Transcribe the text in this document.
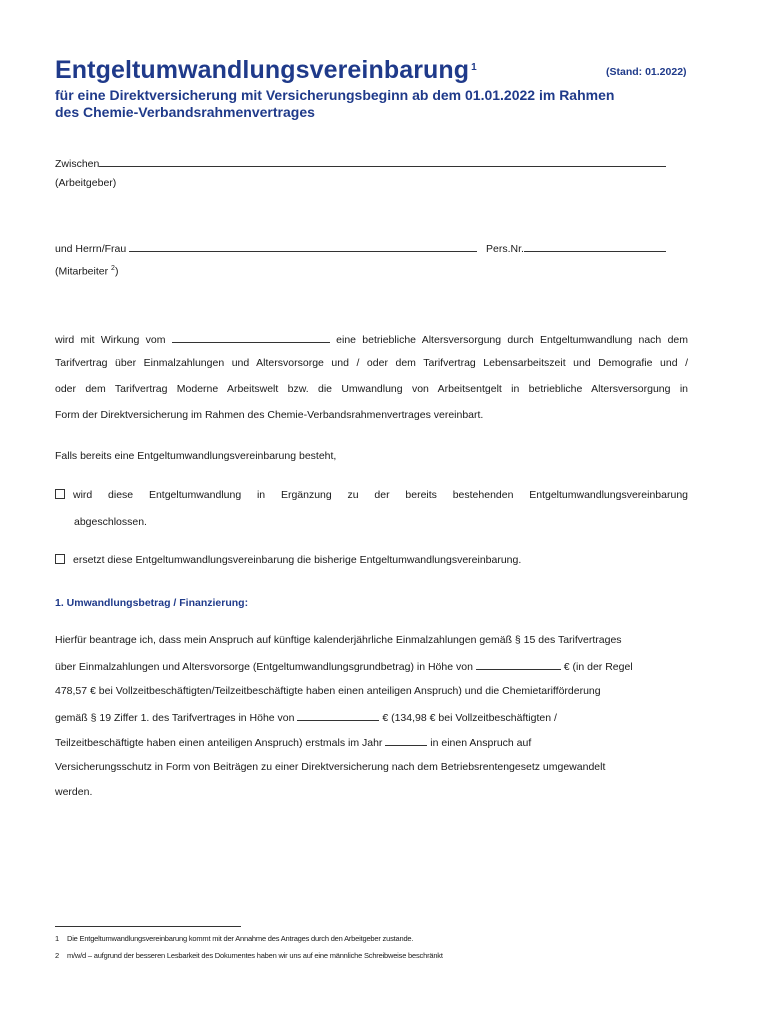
Entgeltumwandlungsvereinbarung $^1$	(Stand: 01.2022)
für eine Direktversicherung mit Versicherungsbeginn ab dem 01.01.2022 im Rahmen
des Chemie-Verbandsrahmenvertrages
Zwischen
(Arbeitgeber)
und Herrn/Frau	Pers.Nr.
(Mitarbeiter $^2$)
wird mit Wirkung vom	eine betriebliche Altersversorgung durch Entgeltumwandlung nach dem
Tarifvertrag über Einmalzahlungen und Altersvorsorge und / oder dem Tarifvertrag Lebensarbeitszeit und Demografie und /
oder dem Tarifvertrag Moderne Arbeitswelt bzw. die Umwandlung von Arbeitsentgelt in betriebliche Altersversorgung in
Form der Direktversicherung im Rahmen des Chemie-Verbandsrahmenvertrages vereinbart.
Falls bereits eine Entgeltumwandlungsvereinbarung besteht,
wird diese Entgeltumwandlung in Ergänzung zu der bereits bestehenden Entgeltumwandlungsvereinbarung
abgeschlossen.
ersetzt diese Entgeltumwandlungsvereinbarung die bisherige Entgeltumwandlungsvereinbarung.
1. Umwandlungsbetrag / Finanzierung:
Hierfür beantrage ich, dass mein Anspruch auf künftige kalenderjährliche Einmalzahlungen gemäß § 15 des Tarifvertrages
über Einmalzahlungen und Altersvorsorge (Entgeltumwandlungsgrundbetrag) in Höhe von	€ (in der Regel
478,57 € bei Vollzeitbeschäftigten/Teilzeitbeschäftigte haben einen anteiligen Anspruch) und die Chemietarifförderung
gemäß § 19 Ziffer 1. des Tarifvertrages in Höhe von	€ (134,98 € bei Vollzeitbeschäftigten /
Teilzeitbeschäftigte haben einen anteiligen Anspruch) erstmals im Jahr	in einen Anspruch auf
Versicherungsschutz in Form von Beiträgen zu einer Direktversicherung nach dem Betriebsrentengesetz umgewandelt
werden.
1 Die Entgeltumwandlungsvereinbarung kommt mit der Annahme des Antrages durch den Arbeitgeber zustande.
2 m/w/d – aufgrund der besseren Lesbarkeit des Dokumentes haben wir uns auf eine männliche Schreibweise beschränkt
